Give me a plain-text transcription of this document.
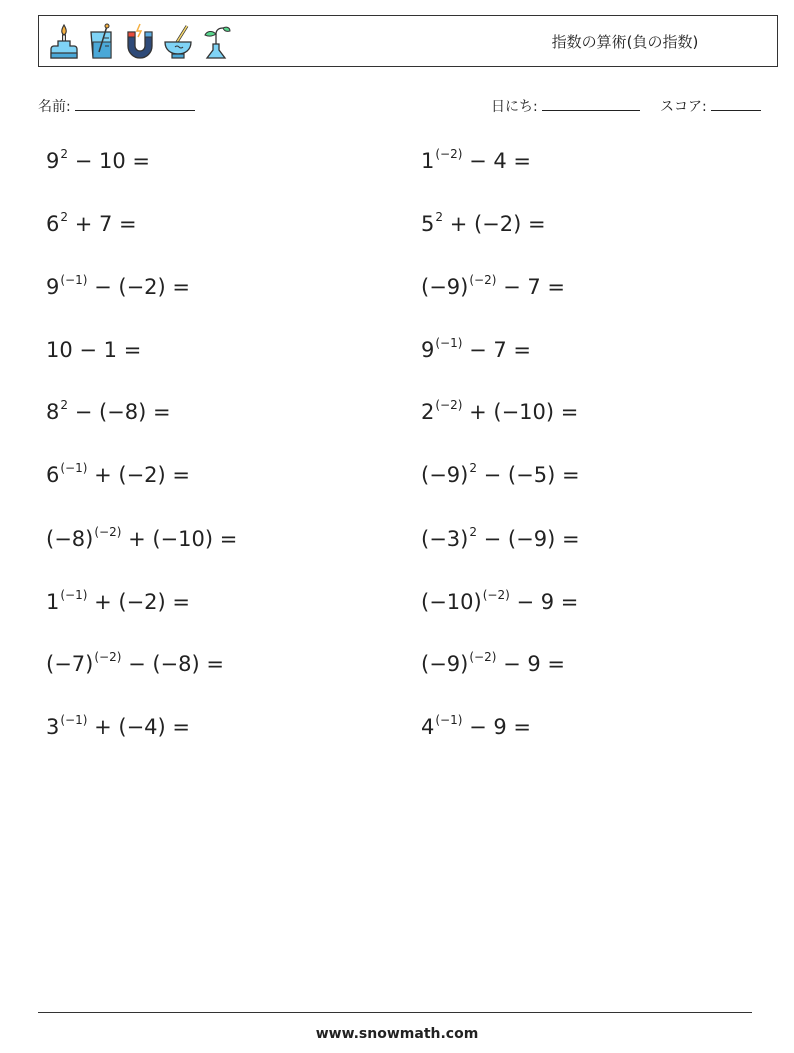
指数の算術(負の指数)
名前:	日にち:	スコア:
$9^2 - 10$ =
$6^2 + 7$ =
$9^{(-1)} - (-2)$ =
10 − 1 =
$8^2 - (-8)$ =
$6^{(-1)} + (-2)$ =
$(-8)^{(-2)} + (-10)$ =
$1^{(-1)} + (-2)$ =
$(-7)^{(-2)} - (-8)$ =
$3^{(-1)} + (-4)$ =
$1^{(-2)} - 4$ =
$5^2 + (-2)$ =
$(-9)^{(-2)} - 7$ =
$9^{(-1)} - 7$ =
$2^{(-2)} + (-10)$ =
$(-9)^2 - (-5)$ =
$(-3)^2 - (-9)$ =
$(-10)^{(-2)} - 9$ =
$(-9)^{(-2)} - 9$ =
$4^{(-1)} - 9$ =
www.snowmath.com
